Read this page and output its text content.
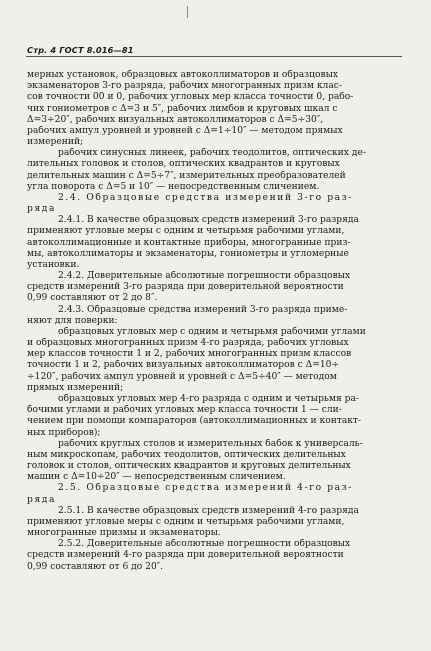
Стр. 4 ГОСТ 8.016—81
мерных установок, образцовых автоколлиматоров и образцовых
экзаменаторов 3-го разряда, рабочих многогранных призм клас-
сов точности 00 и 0, рабочих угловых мер класса точности 0, рабо-
чих гониометров с Δ=3 и 5″, рабочих лимбов и круговых шкал с
Δ=3÷20″, рабочих визуальных автоколлиматоров с Δ=5÷30″,
рабочих ампул уровней и уровней с Δ=1÷10″ — методом прямых
измерений;
рабочих синусных линеек, рабочих теодолитов, оптических де-
лительных головок и столов, оптических квадрантов и круговых
делительных машин с Δ=5÷7″, измерительных преобразователей
угла поворота с Δ=5 и 10″ — непосредственным сличением.
2.4. Образцовые средства измерений 3-го раз-
ряда
2.4.1. В качестве образцовых средств измерений 3-го разряда
применяют угловые меры с одним и четырьмя рабочими углами,
автоколлимационные и контактные приборы, многогранные приз-
мы, автоколлиматоры и экзаменаторы, гониометры и угломерные
установки.
2.4.2. Доверительные абсолютные погрешности образцовых
средств измерений 3-го разряда при доверительной вероятности
0,99 составляют от 2 до 8″.
2.4.3. Образцовые средства измерений 3-го разряда приме-
няют для поверки:
образцовых угловых мер с одним и четырьмя рабочими углами
и образцовых многогранных призм 4-го разряда, рабочих угловых
мер классов точности 1 и 2, рабочих многогранных призм классов
точности 1 и 2, рабочих визуальных автоколлиматоров с Δ=10÷
÷120″, рабочих ампул уровней и уровней с Δ=5÷40″ — методом
прямых измерений;
образцовых угловых мер 4-го разряда с одним и четырьмя ра-
бочими углами и рабочих угловых мер класса точности 1 — сли-
чением при помощи компараторов (автоколлимационных и контакт-
ных приборов);
рабочих круглых столов и измерительных бабок к универсаль-
ным микроскопам, рабочих теодолитов, оптических делительных
головок и столов, оптических квадрантов и круговых делительных
машин с Δ=10÷20″ — непосредственным сличением.
2.5. Образцовые средства измерений 4-го раз-
ряда
2.5.1. В качестве образцовых средств измерений 4-го разряда
применяют угловые меры с одним и четырьмя рабочими углами,
многогранные призмы и экзаменаторы.
2.5.2. Доверительные абсолютные погрешности образцовых
средств измерений 4-го разряда при доверительной вероятности
0,99 составляют от 6 до 20″.
